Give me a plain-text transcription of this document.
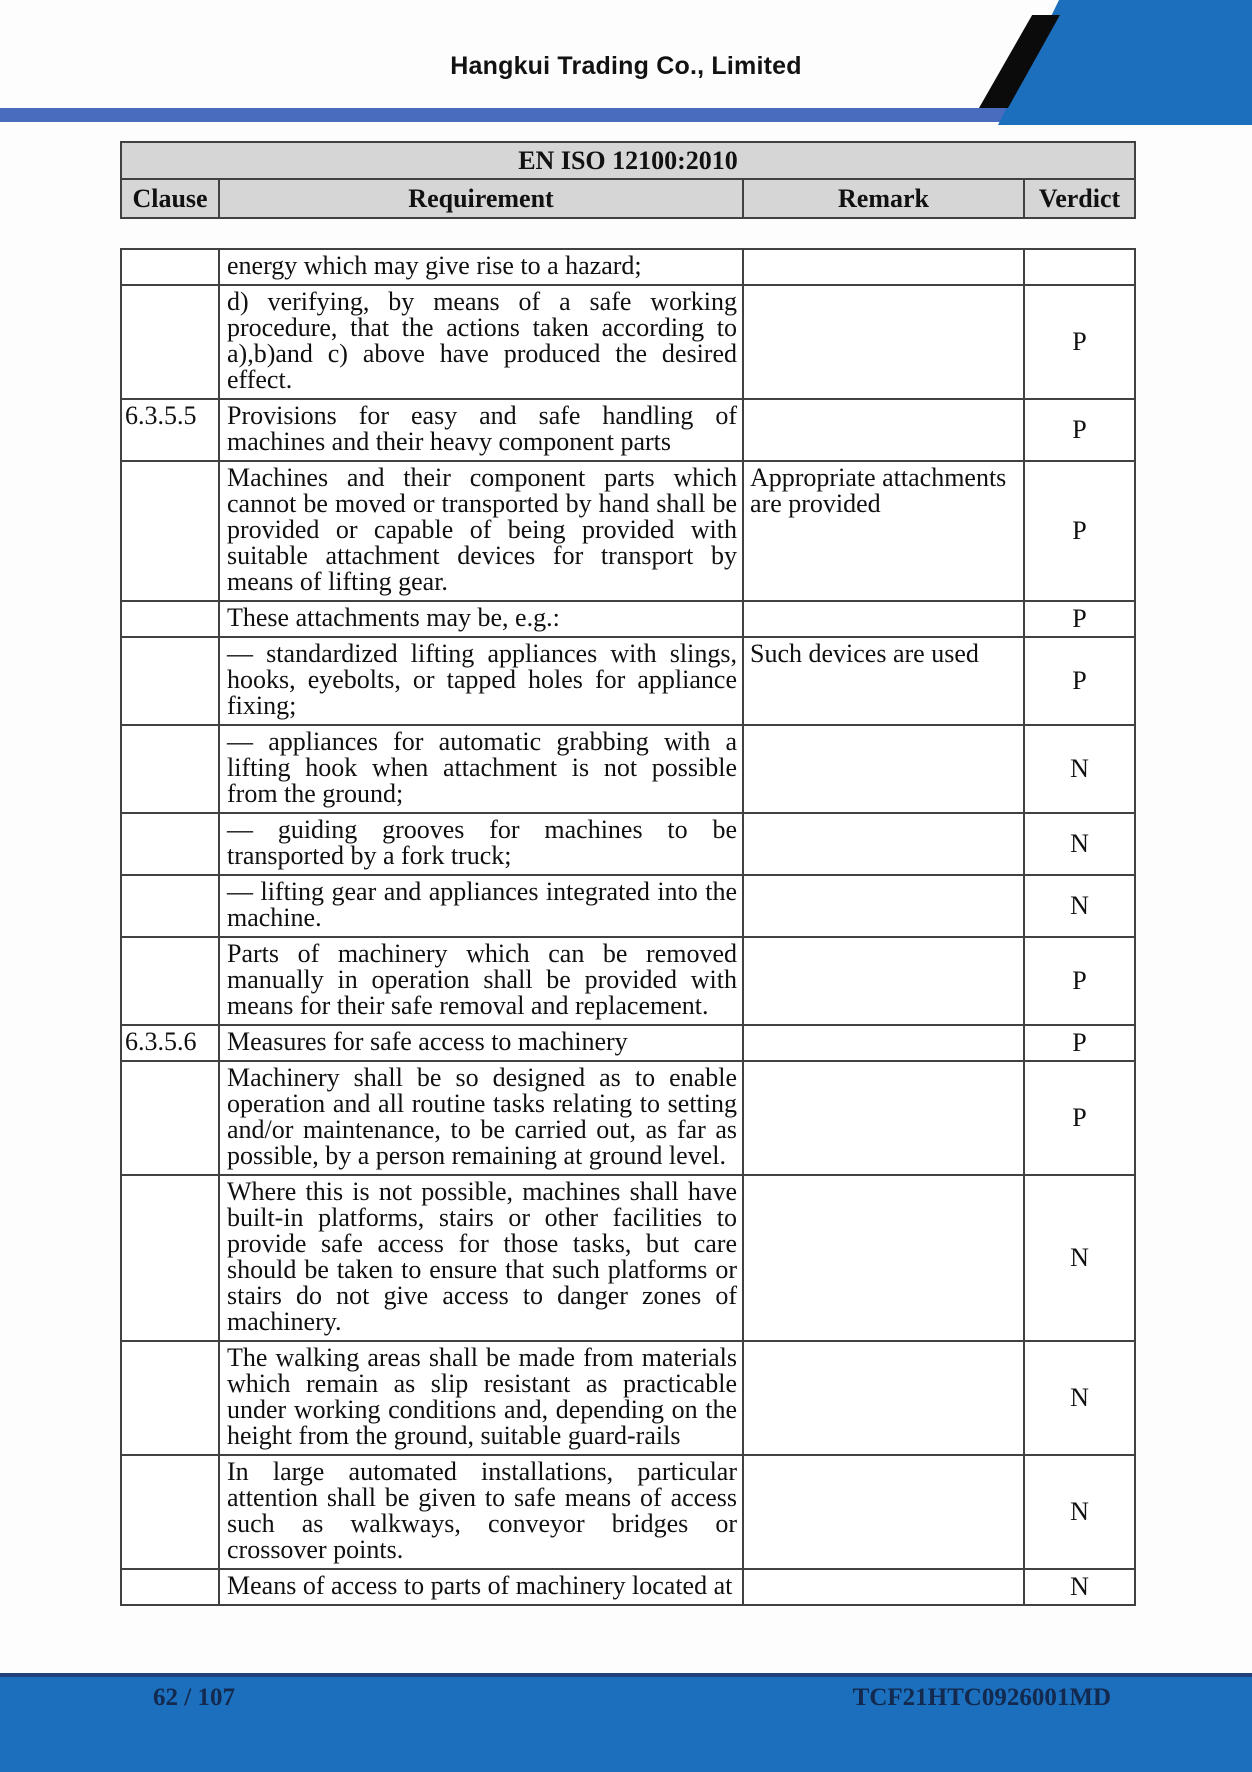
Hangkui Trading Co., Limited
EN ISO 12100:2010
Clause	Requirement	Remark	Verdict
	energy which may give rise to a hazard;		
	d) verifying, by means of a safe working procedure, that the actions taken according to a),b)and c) above have produced the desired effect.		P
6.3.5.5	Provisions for easy and safe handling of machines and their heavy component parts		P
	Machines and their component parts which cannot be moved or transported by hand shall be provided or capable of being provided with suitable attachment devices for transport by means of lifting gear.	Appropriate attachments are provided	P
	These attachments may be, e.g.:		P
	— standardized lifting appliances with slings, hooks, eyebolts, or tapped holes for appliance fixing;	Such devices are used	P
	— appliances for automatic grabbing with a lifting hook when attachment is not possible from the ground;		N
	— guiding grooves for machines to be transported by a fork truck;		N
	— lifting gear and appliances integrated into the machine.		N
	Parts of machinery which can be removed manually in operation shall be provided with means for their safe removal and replacement.		P
6.3.5.6	Measures for safe access to machinery		P
	Machinery shall be so designed as to enable operation and all routine tasks relating to setting and/or maintenance, to be carried out, as far as possible, by a person remaining at ground level.		P
	Where this is not possible, machines shall have built-in platforms, stairs or other facilities to provide safe access for those tasks, but care should be taken to ensure that such platforms or stairs do not give access to danger zones of machinery.		N
	The walking areas shall be made from materials which remain as slip resistant as practicable under working conditions and, depending on the height from the ground, suitable guard-rails		N
	In large automated installations, particular attention shall be given to safe means of access such as walkways, conveyor bridges or crossover points.		N
	Means of access to parts of machinery located at		N
62 / 107	TCF21HTC0926001MD
